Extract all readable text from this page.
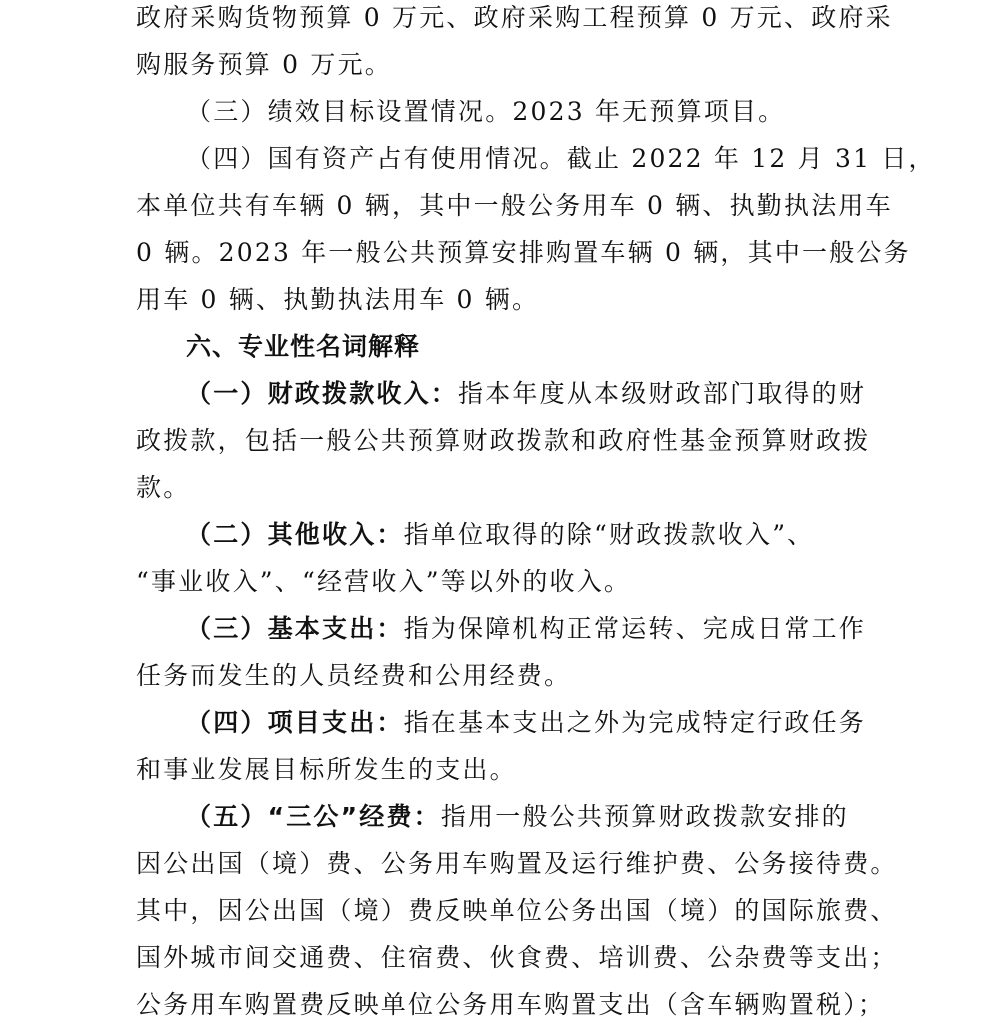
政府采购货物预算 0 万元、政府采购工程预算 0 万元、政府采
购服务预算 0 万元。
（三）绩效目标设置情况。2023 年无预算项目。
（四）国有资产占有使用情况。截止 2022 年 12 月 31 日，
本单位共有车辆 0 辆，其中一般公务用车 0 辆、执勤执法用车
0 辆。2023 年一般公共预算安排购置车辆 0 辆，其中一般公务
用车 0 辆、执勤执法用车 0 辆。
六、专业性名词解释
（一）财政拨款收入：指本年度从本级财政部门取得的财
政拨款，包括一般公共预算财政拨款和政府性基金预算财政拨
款。
（二）其他收入：指单位取得的除“财政拨款收入”、
“事业收入”、“经营收入”等以外的收入。
（三）基本支出：指为保障机构正常运转、完成日常工作
任务而发生的人员经费和公用经费。
（四）项目支出：指在基本支出之外为完成特定行政任务
和事业发展目标所发生的支出。
（五）“三公”经费：指用一般公共预算财政拨款安排的
因公出国（境）费、公务用车购置及运行维护费、公务接待费。
其中，因公出国（境）费反映单位公务出国（境）的国际旅费、
国外城市间交通费、住宿费、伙食费、培训费、公杂费等支出；
公务用车购置费反映单位公务用车购置支出（含车辆购置税）；
